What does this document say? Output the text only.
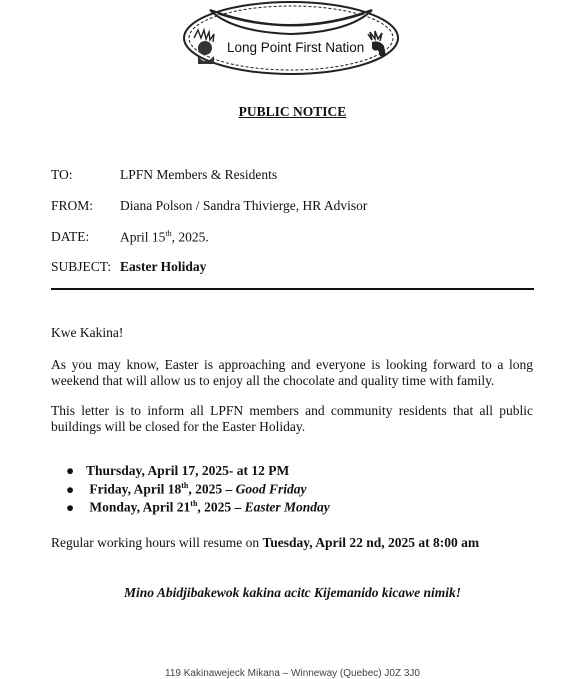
Long Point First Nation
PUBLIC NOTICE
TO:	LPFN Members & Residents
FROM: Diana Polson / Sandra Thivierge, HR Advisor
DATE: April 15th, 2025.
SUBJECT: Easter Holiday
Kwe Kakina!
As you may know, Easter is approaching and everyone is looking forward to a long weekend that will allow us to enjoy all the chocolate and quality time with family.
This letter is to inform all LPFN members and community residents that all public buildings will be closed for the Easter Holiday.
● Thursday, April 17, 2025- at 12 PM
● Friday, April 18th, 2025 – Good Friday
● Monday, April 21th, 2025 – Easter Monday
Regular working hours will resume on Tuesday, April 22 nd, 2025 at 8:00 am
Mino Abidjibakewok kakina acitc Kijemanido kicawe nimik!
119 Kakinawejeck Mikana – Winneway (Quebec) J0Z 3J0
